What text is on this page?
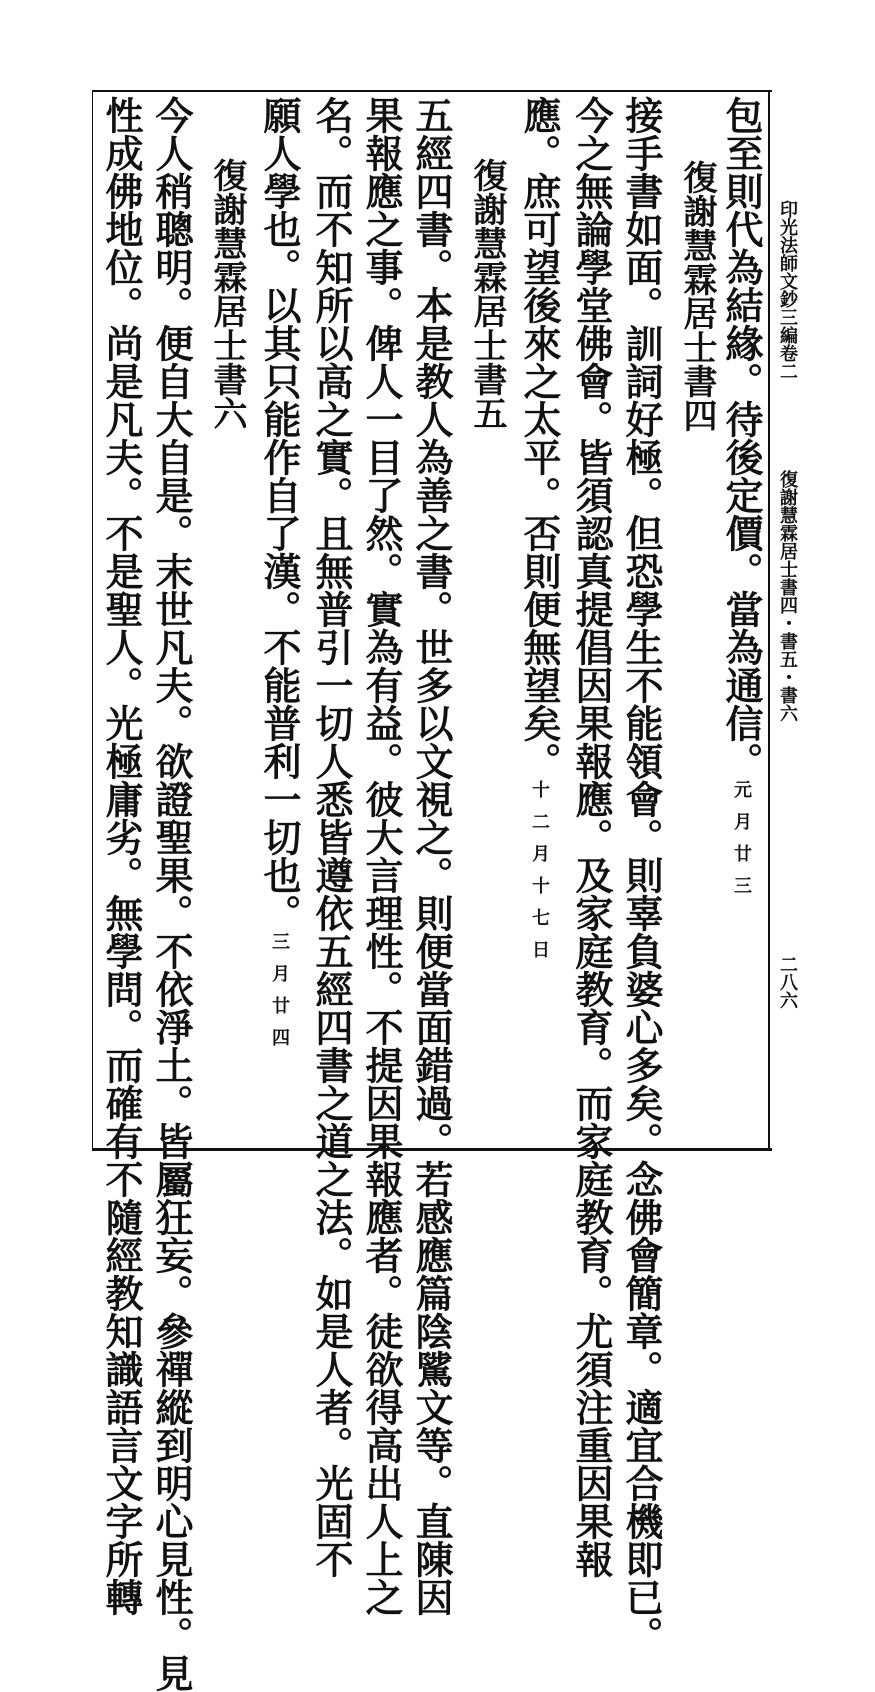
印光法師文鈔三編卷二
復謝慧霖居士書四・書五・書六
二八六
包至則代為結緣。待後定價。當為通信。元月廿三
復謝慧霖居士書四
接手書如面。訓詞好極。但恐學生不能領會。則辜負婆心多矣。念佛會簡章。適宜合機即已。
今之無論學堂佛會。皆須認真提倡因果報應。及家庭教育。而家庭教育。尤須注重因果報
應。庶可望後來之太平。否則便無望矣。十二月十七日
復謝慧霖居士書五
五經四書。本是教人為善之書。世多以文視之。則便當面錯過。若感應篇陰騭文等。直陳因
果報應之事。俾人一目了然。實為有益。彼大言理性。不提因果報應者。徒欲得高出人上之
名。而不知所以高之實。且無普引一切人悉皆遵依五經四書之道之法。如是人者。光固不
願人學也。以其只能作自了漢。不能普利一切也。三月廿四
復謝慧霖居士書六
今人稍聰明。便自大自是。末世凡夫。欲證聖果。不依淨土。皆屬狂妄。參禪縱到明心見性。見
性成佛地位。尚是凡夫。不是聖人。光極庸劣。無學問。而確有不隨經教知識語言文字所轉
